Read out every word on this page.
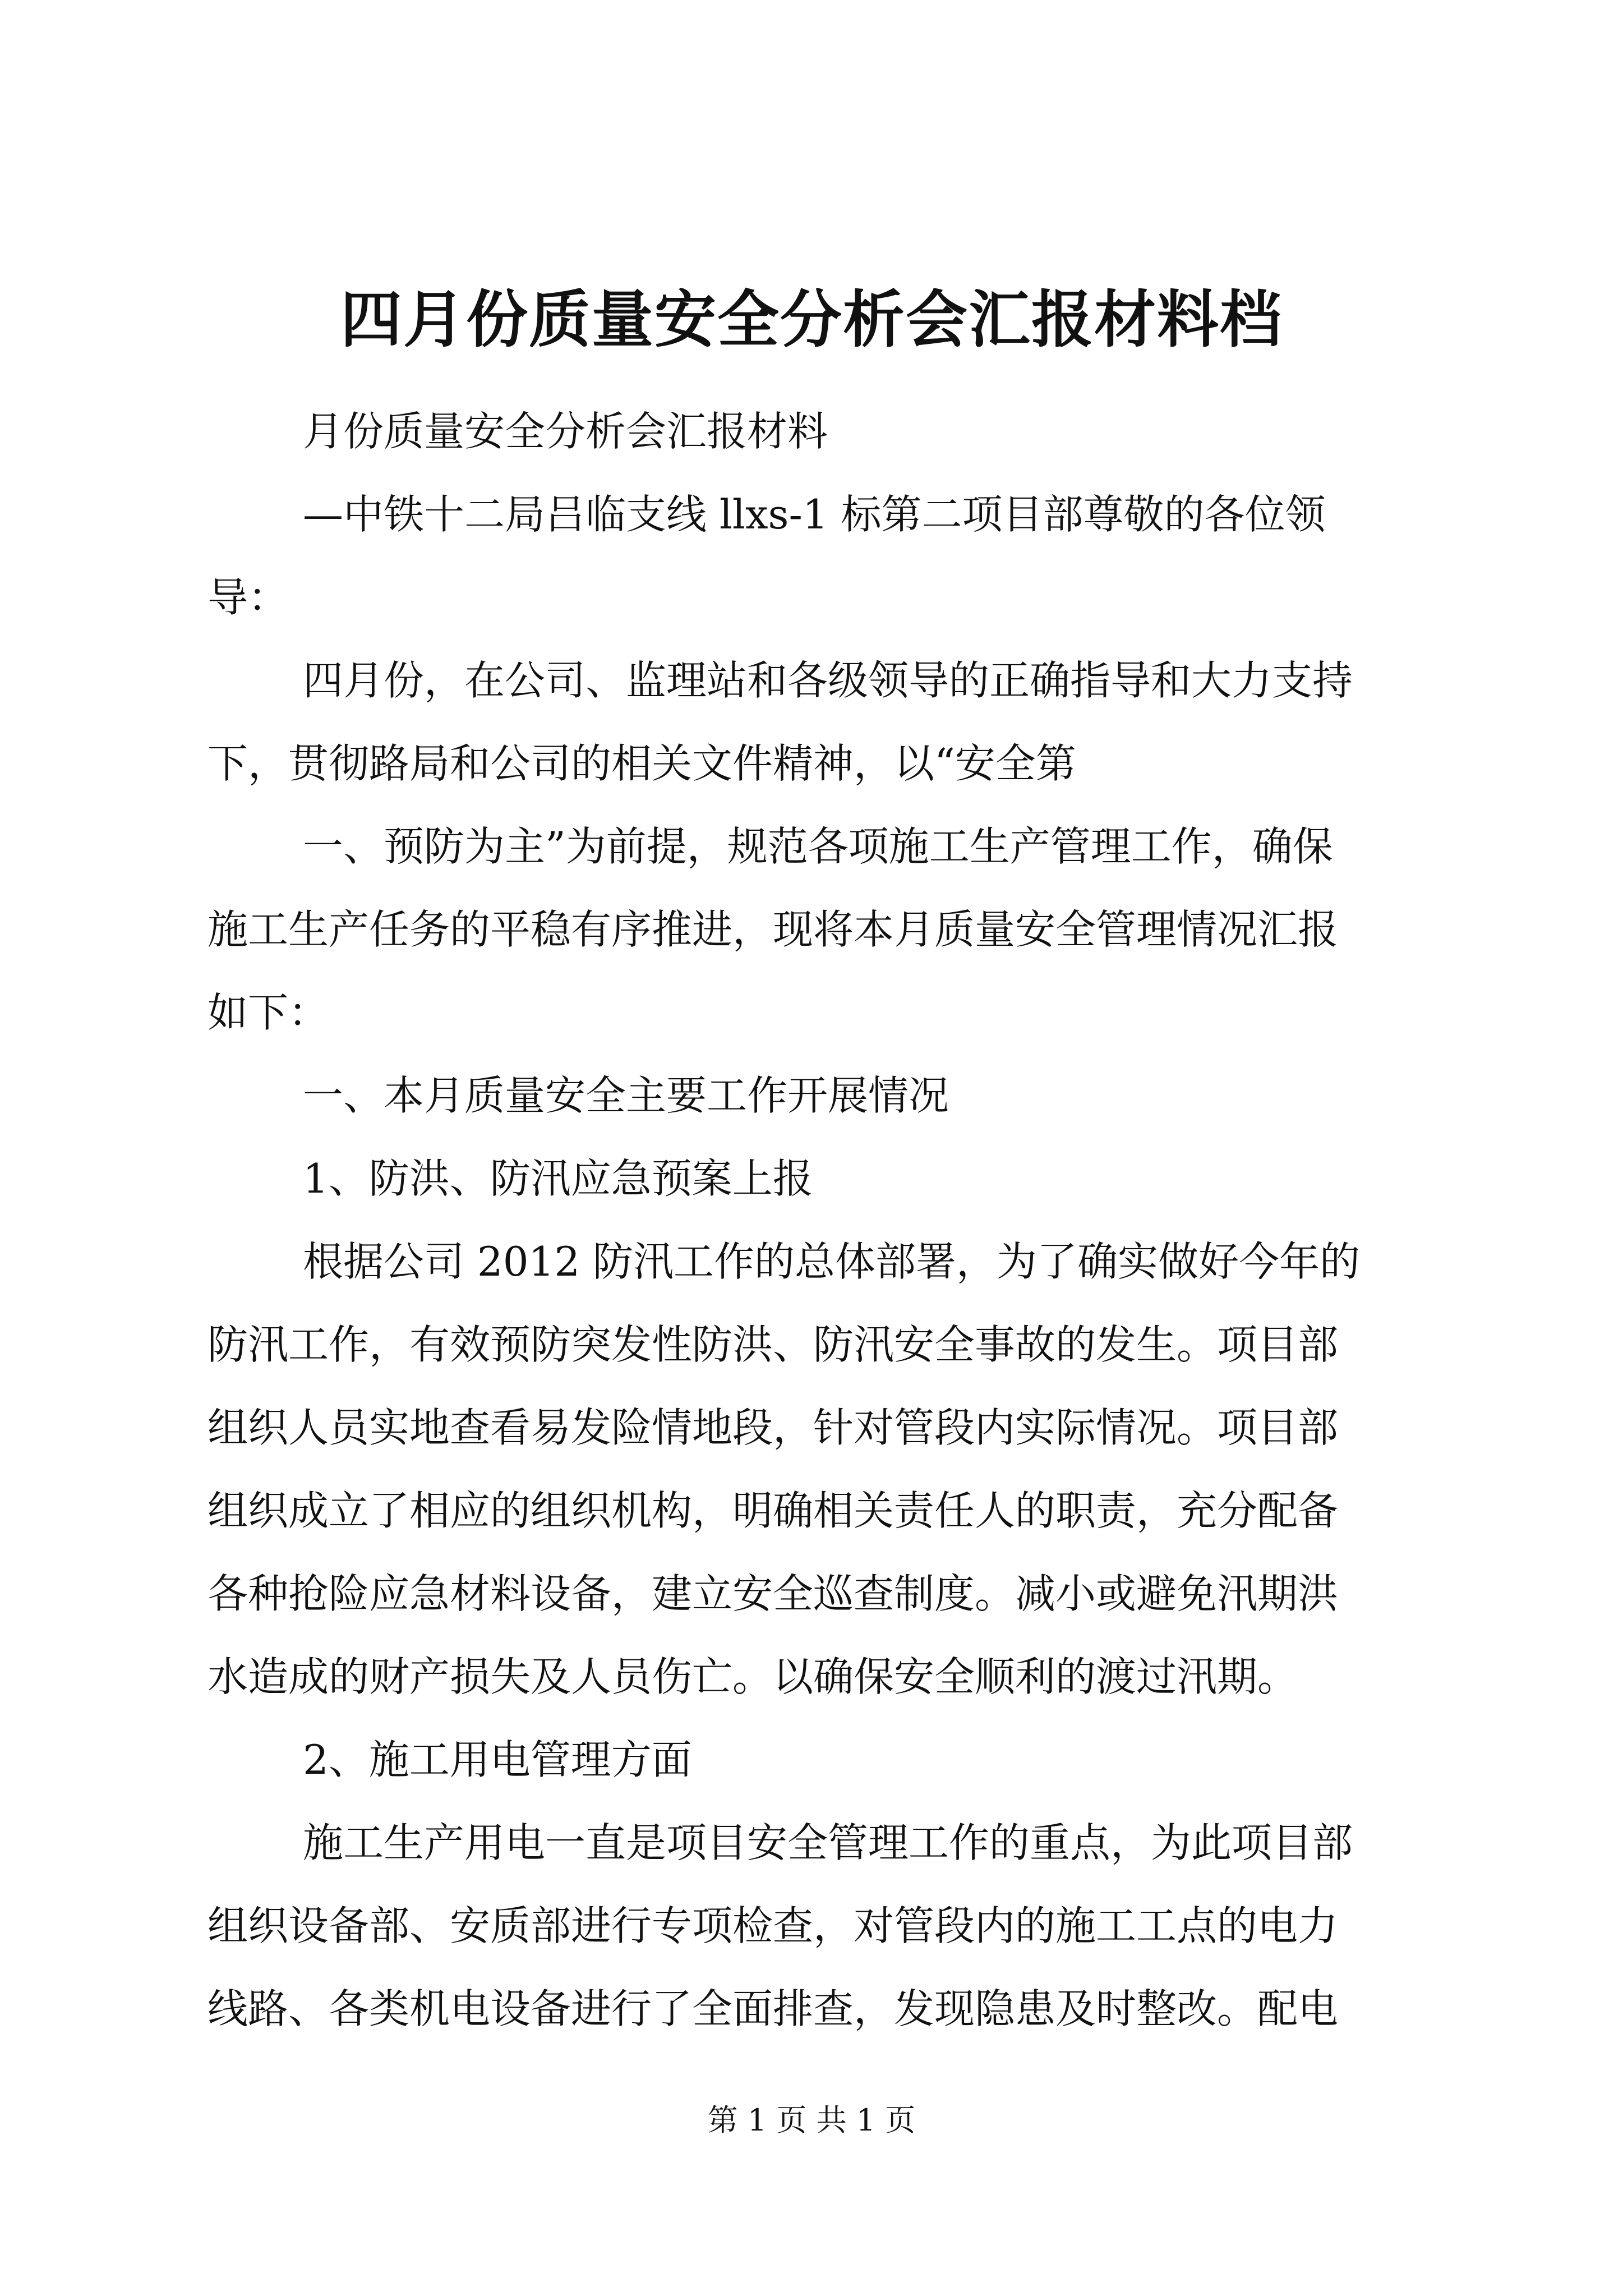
四月份质量安全分析会汇报材料档
月份质量安全分析会汇报材料
—中铁十二局吕临支线 llxs-1 标第二项目部尊敬的各位领
导：
四月份，在公司、监理站和各级领导的正确指导和大力支持
下，贯彻路局和公司的相关文件精神，以“安全第
一、预防为主”为前提，规范各项施工生产管理工作，确保
施工生产任务的平稳有序推进，现将本月质量安全管理情况汇报
如下：
一、本月质量安全主要工作开展情况
1、防洪、防汛应急预案上报
根据公司 2012 防汛工作的总体部署，为了确实做好今年的
防汛工作，有效预防突发性防洪、防汛安全事故的发生。项目部
组织人员实地查看易发险情地段，针对管段内实际情况。项目部
组织成立了相应的组织机构，明确相关责任人的职责，充分配备
各种抢险应急材料设备，建立安全巡查制度。减小或避免汛期洪
水造成的财产损失及人员伤亡。以确保安全顺利的渡过汛期。
2、施工用电管理方面
施工生产用电一直是项目安全管理工作的重点，为此项目部
组织设备部、安质部进行专项检查，对管段内的施工工点的电力
线路、各类机电设备进行了全面排查，发现隐患及时整改。配电
第 1 页 共 1 页
